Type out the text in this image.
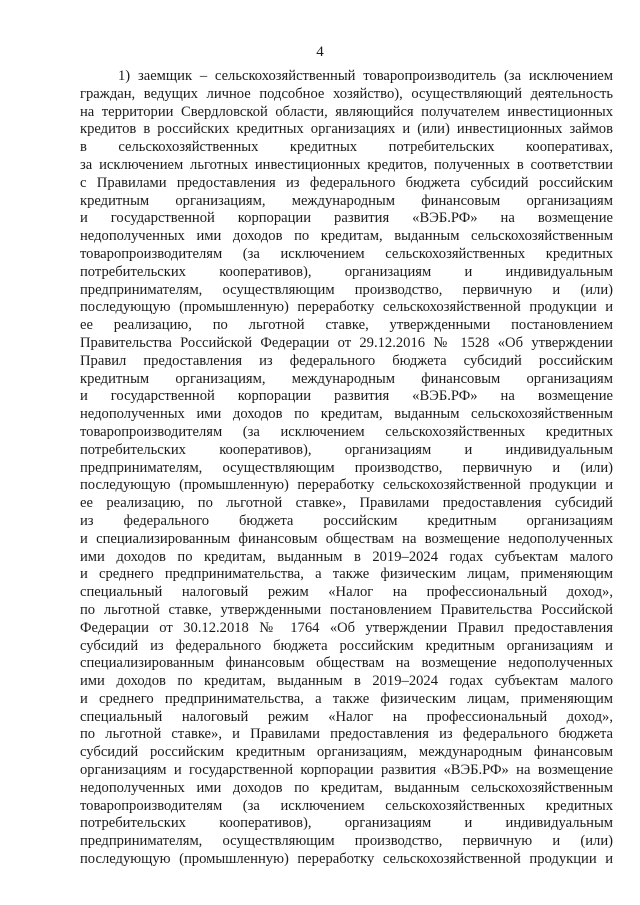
4
1) заемщик – сельскохозяйственный товаропроизводитель (за исключением
граждан, ведущих личное подсобное хозяйство), осуществляющий деятельность
на территории Свердловской области, являющийся получателем инвестиционных
кредитов в российских кредитных организациях и (или) инвестиционных займов
в сельскохозяйственных кредитных потребительских кооперативах,
за исключением льготных инвестиционных кредитов, полученных в соответствии
с Правилами предоставления из федерального бюджета субсидий российским
кредитным организациям, международным финансовым организациям
и государственной корпорации развития «ВЭБ.РФ» на возмещение
недополученных ими доходов по кредитам, выданным сельскохозяйственным
товаропроизводителям (за исключением сельскохозяйственных кредитных
потребительских кооперативов), организациям и индивидуальным
предпринимателям, осуществляющим производство, первичную и (или)
последующую (промышленную) переработку сельскохозяйственной продукции и
ее реализацию, по льготной ставке, утвержденными постановлением
Правительства Российской Федерации от 29.12.2016 № 1528 «Об утверждении
Правил предоставления из федерального бюджета субсидий российским
кредитным организациям, международным финансовым организациям
и государственной корпорации развития «ВЭБ.РФ» на возмещение
недополученных ими доходов по кредитам, выданным сельскохозяйственным
товаропроизводителям (за исключением сельскохозяйственных кредитных
потребительских кооперативов), организациям и индивидуальным
предпринимателям, осуществляющим производство, первичную и (или)
последующую (промышленную) переработку сельскохозяйственной продукции и
ее реализацию, по льготной ставке», Правилами предоставления субсидий
из федерального бюджета российским кредитным организациям
и специализированным финансовым обществам на возмещение недополученных
ими доходов по кредитам, выданным в 2019–2024 годах субъектам малого
и среднего предпринимательства, а также физическим лицам, применяющим
специальный налоговый режим «Налог на профессиональный доход»,
по льготной ставке, утвержденными постановлением Правительства Российской
Федерации от 30.12.2018 № 1764 «Об утверждении Правил предоставления
субсидий из федерального бюджета российским кредитным организациям и
специализированным финансовым обществам на возмещение недополученных
ими доходов по кредитам, выданным в 2019–2024 годах субъектам малого
и среднего предпринимательства, а также физическим лицам, применяющим
специальный налоговый режим «Налог на профессиональный доход»,
по льготной ставке», и Правилами предоставления из федерального бюджета
субсидий российским кредитным организациям, международным финансовым
организациям и государственной корпорации развития «ВЭБ.РФ» на возмещение
недополученных ими доходов по кредитам, выданным сельскохозяйственным
товаропроизводителям (за исключением сельскохозяйственных кредитных
потребительских кооперативов), организациям и индивидуальным
предпринимателям, осуществляющим производство, первичную и (или)
последующую (промышленную) переработку сельскохозяйственной продукции и
